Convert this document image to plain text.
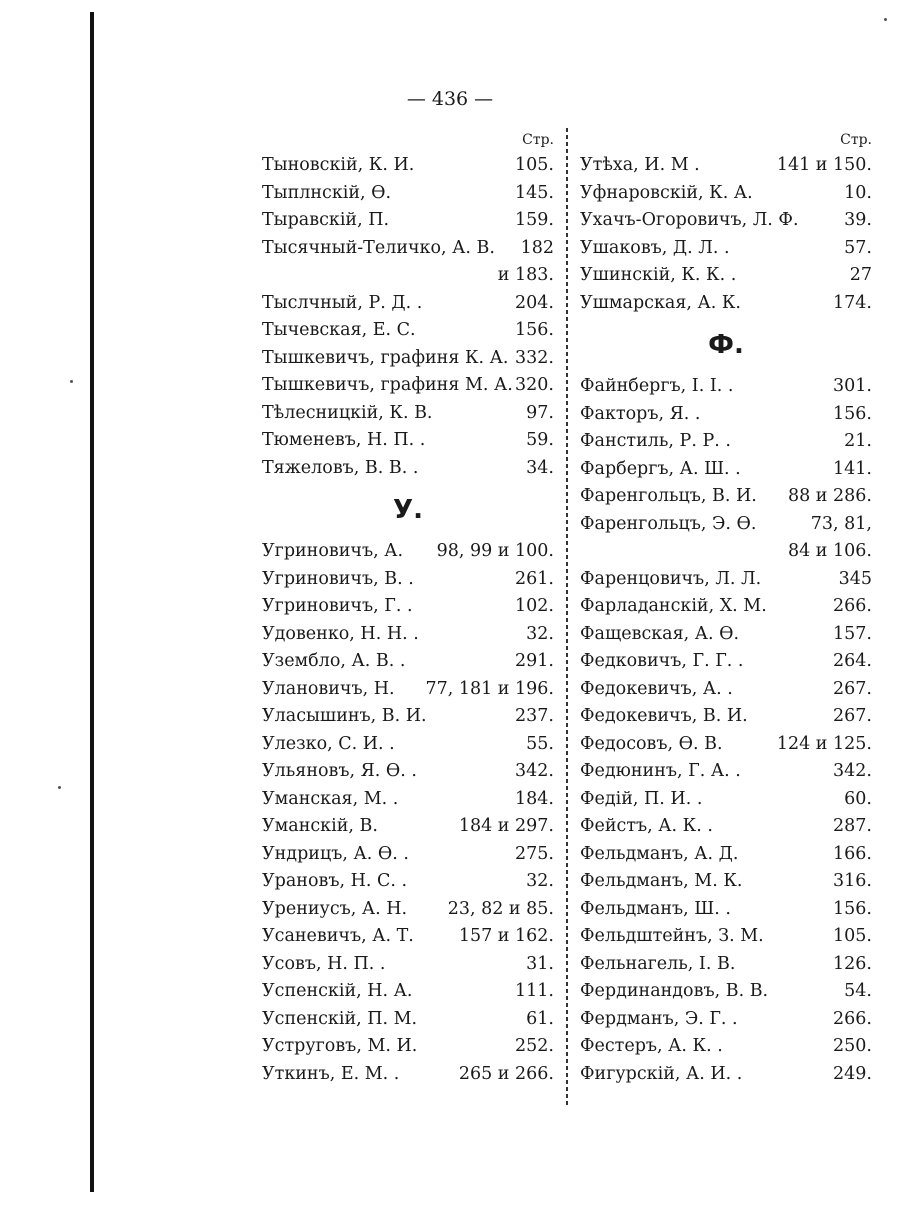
— 436 —
Стр.
Тыновскій, К. И.	105.
Тыплнскій, Ѳ.	145.
Тыравскій, П.	159.
Тысячный-Теличко, А. В.	182
и 183.
Тыслчный, Р. Д. .	204.
Тычевская, Е. С.	156.
Тышкевичъ, графиня К. А. 332.
Тышкевичъ, графиня М. А. 320.
Тѣлесницкій, К. В.	97.
Тюменевъ, Н. П. .	59.
Тяжеловъ, В. В. .	34.
У.
Угриновичъ, А.	98, 99 и 100.
Угриновичъ, В. .	261.
Угриновичъ, Г. .	102.
Удовенко, Н. Н. .	32.
Уземблo, А. В. .	291.
Улановичъ, Н.	77, 181 и 196.
Уласышинъ, В. И.	237.
Улезко, С. И. .	55.
Ульяновъ, Я. Ѳ. .	342.
Уманская, М. .	184.
Уманскій, В.	184 и 297.
Ундрицъ, А. Ѳ. .	275.
Урановъ, Н. С. .	32.
Урениусъ, А. Н.	23, 82 и 85.
Усаневичъ, А. Т.	157 и 162.
Усовъ, Н. П. .	31.
Успенскій, Н. А.	111.
Успенскій, П. М.	61.
Уструговъ, М. И.	252.
Уткинъ, Е. М. .	265 и 266.
Стр.
Утѣха, И. М .	141 и 150.
Уфнаровскій, К. А.	10.
Ухачъ-Огоровичъ, Л. Ф.	39.
Ушаковъ, Д. Л. .	57.
Ушинскій, К. К. .	27
Ушмарская, А. К.	174.
Ф.
Файнбергъ, І. І. .	301.
Факторъ, Я. .	156.
Фанстиль, Р. Р. .	21.
Фарбергъ, А. Ш. .	141.
Фаренгольцъ, В. И.	88 и 286.
Фаренгольцъ, Э. Ѳ.	73, 81,
84 и 106.
Фаренцовичъ, Л. Л.	345
Фарладанскій, Х. М.	266.
Фащевская, А. Ѳ.	157.
Федковичъ, Г. Г. .	264.
Федокевичъ, А. .	267.
Федокевичъ, В. И.	267.
Федосовъ, Ѳ. В.	124 и 125.
Федюнинъ, Г. А. .	342.
Федій, П. И. .	60.
Фейстъ, А. К. .	287.
Фельдманъ, А. Д.	166.
Фельдманъ, М. К.	316.
Фельдманъ, Ш. .	156.
Фельдштейнъ, З. М.	105.
Фельнагель, І. В.	126.
Фердинандовъ, В. В.	54.
Фердманъ, Э. Г. .	266.
Фестеръ, А. К. .	250.
Фигурскій, А. И. .	249.
